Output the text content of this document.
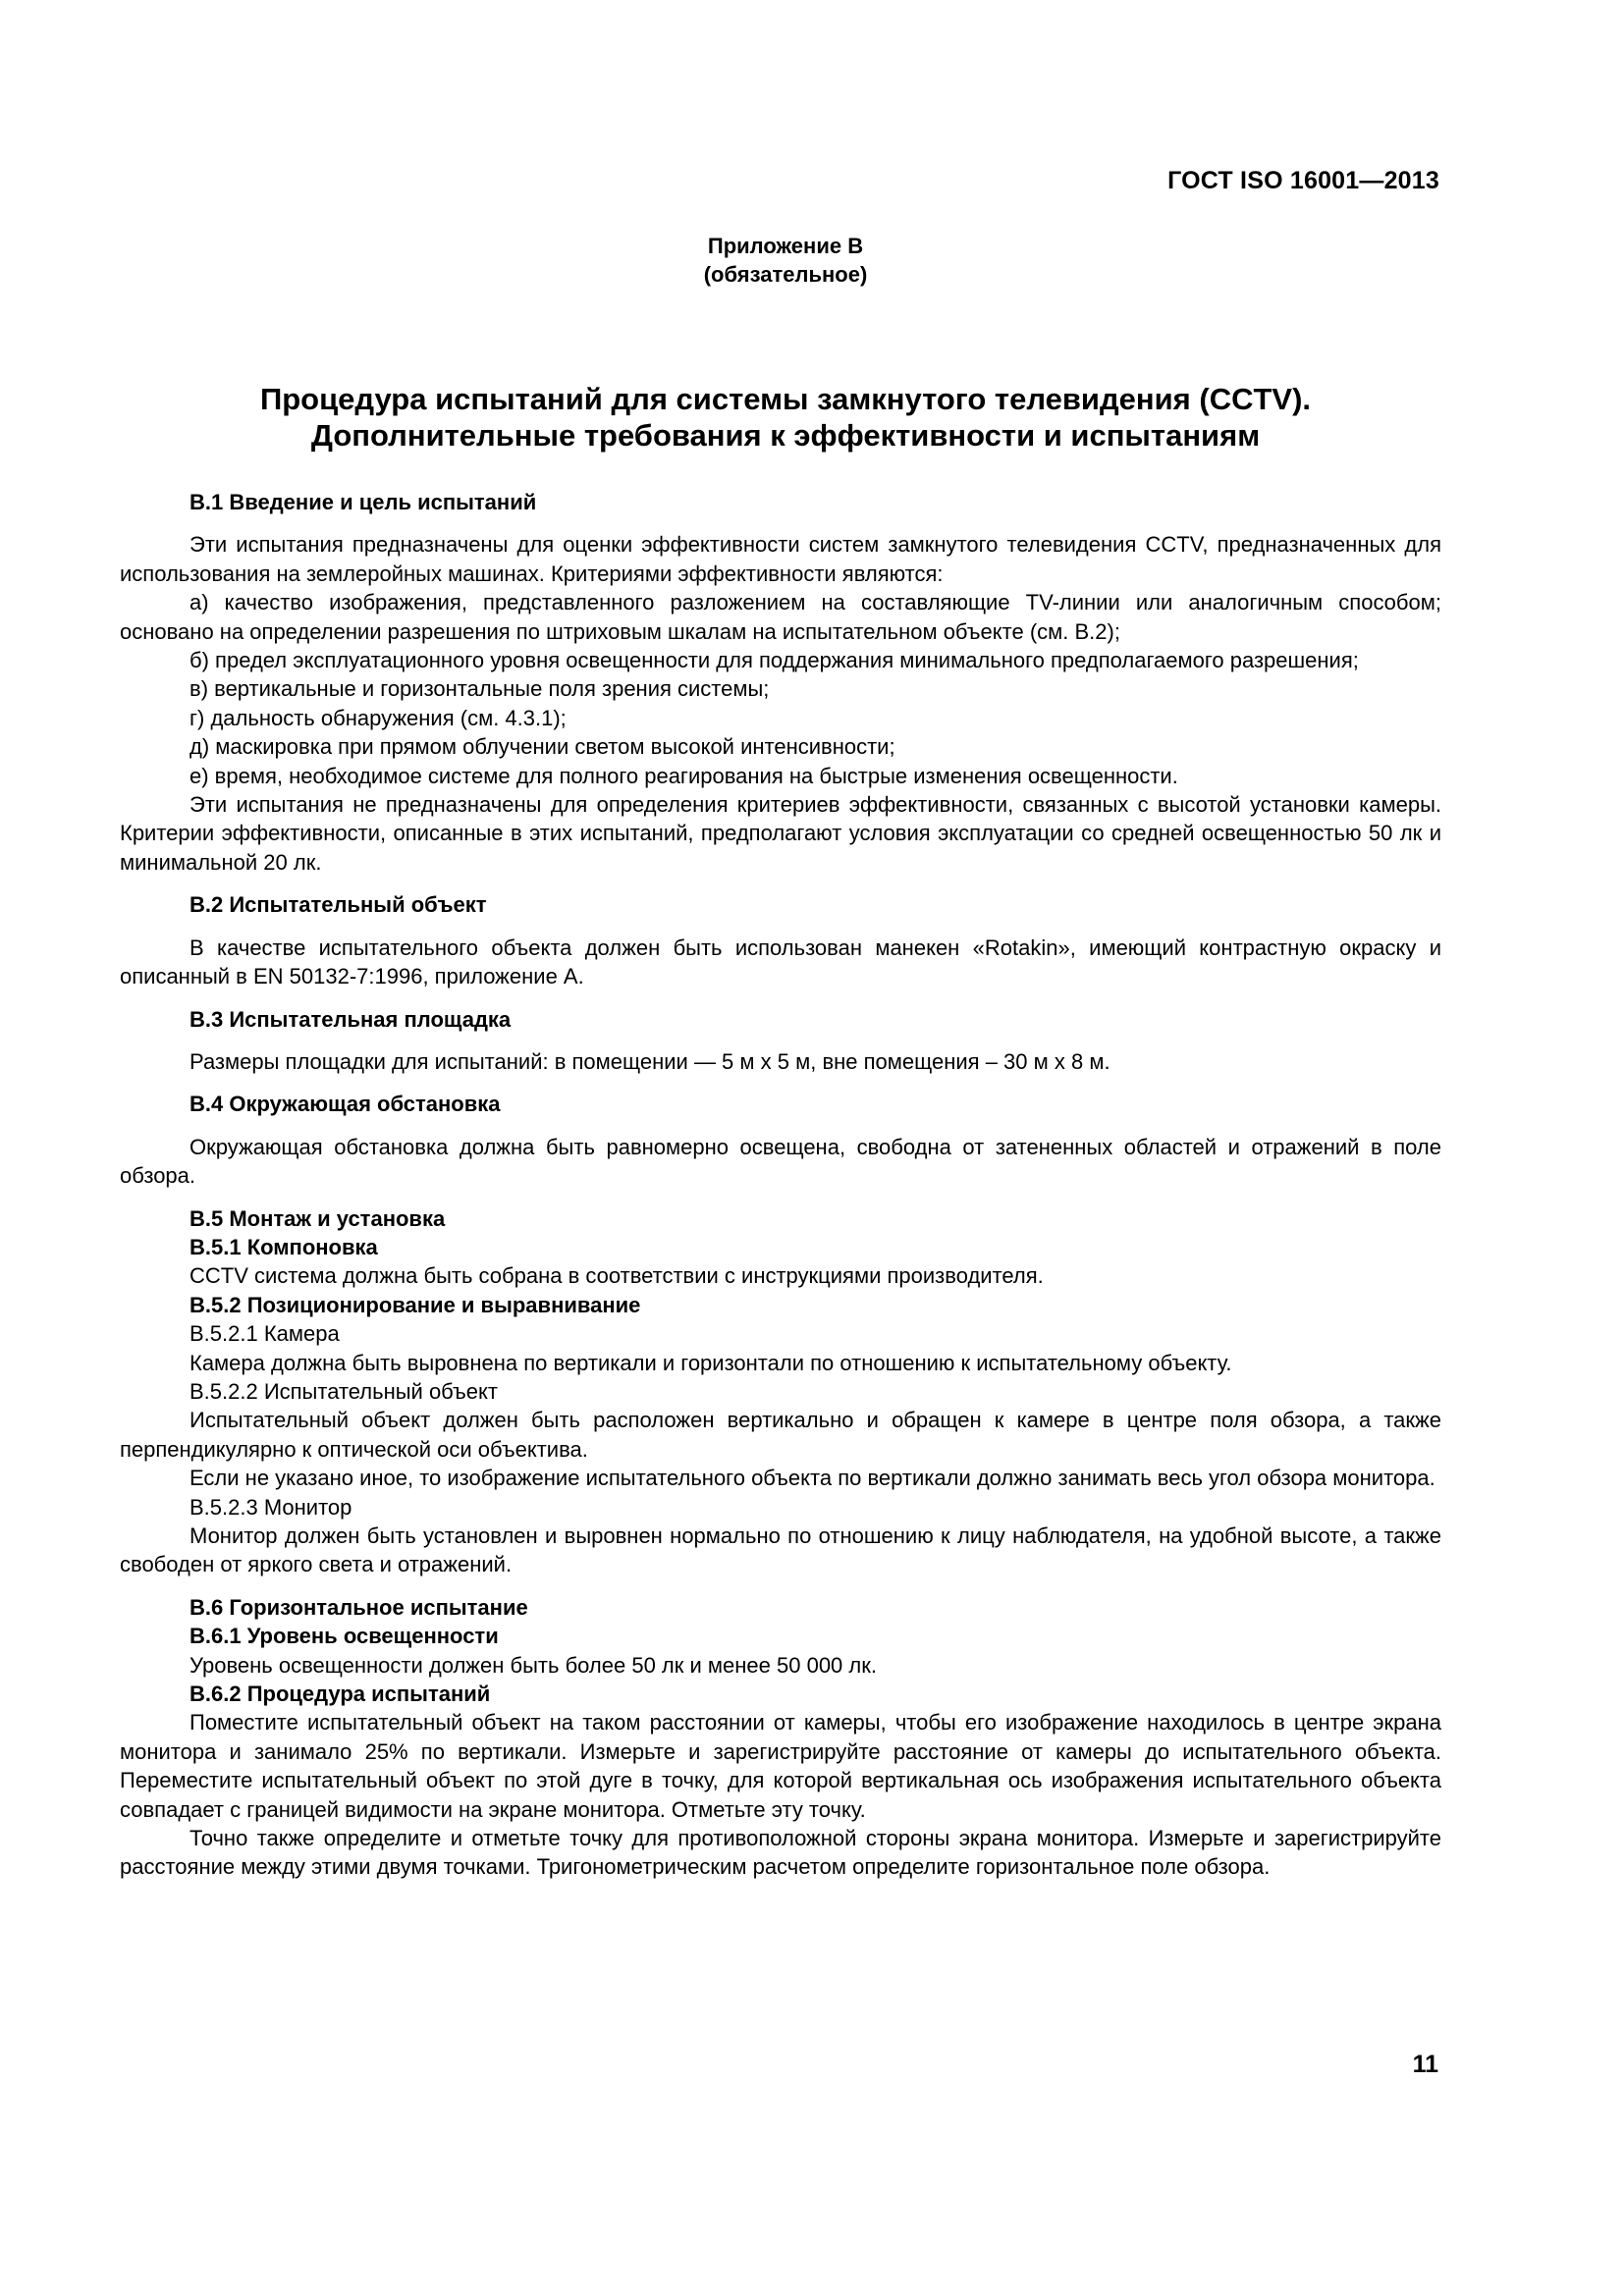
ГОСТ ISO 16001—2013
Приложение В
(обязательное)
Процедура испытаний для системы замкнутого телевидения (CCTV).
Дополнительные требования к эффективности и испытаниям

В.1 Введение и цель испытаний

Эти испытания предназначены для оценки эффективности систем замкнутого телевидения CCTV, предназначенных для использования на землеройных машинах. Критериями эффективности являются:

а) качество изображения, представленного разложением на составляющие TV-линии или аналогичным способом; основано на определении разрешения по штриховым шкалам на испытательном объекте (см. В.2);

б) предел эксплуатационного уровня освещенности для поддержания минимального предполагаемого разрешения;

в) вертикальные и горизонтальные поля зрения системы;

г) дальность обнаружения (см. 4.3.1);

д) маскировка при прямом облучении светом высокой интенсивности;

е) время, необходимое системе для полного реагирования на быстрые изменения освещенности.

Эти испытания не предназначены для определения критериев эффективности, связанных с высотой установки камеры. Критерии эффективности, описанные в этих испытаний, предполагают условия эксплуатации со средней освещенностью 50 лк и минимальной 20 лк.

В.2 Испытательный объект

В качестве испытательного объекта должен быть использован манекен «Rotakin», имеющий контрастную окраску и описанный в EN 50132-7:1996, приложение А.

В.3 Испытательная площадка

Размеры площадки для испытаний: в помещении — 5 м х 5 м, вне помещения – 30 м х 8 м.

В.4 Окружающая обстановка

Окружающая обстановка должна быть равномерно освещена, свободна от затененных областей и отражений в поле обзора.

В.5 Монтаж и установка

В.5.1 Компоновка

CCTV система должна быть собрана в соответствии с инструкциями производителя.

В.5.2 Позиционирование и выравнивание

В.5.2.1 Камера

Камера должна быть выровнена по вертикали и горизонтали по отношению к испытательному объекту.

В.5.2.2 Испытательный объект

Испытательный объект должен быть расположен вертикально и обращен к камере в центре поля обзора, а также перпендикулярно к оптической оси объектива.

Если не указано иное, то изображение испытательного объекта по вертикали должно занимать весь угол обзора монитора.

В.5.2.3 Монитор

Монитор должен быть установлен и выровнен нормально по отношению к лицу наблюдателя, на удобной высоте, а также свободен от яркого света и отражений.

В.6 Горизонтальное испытание

В.6.1 Уровень освещенности

Уровень освещенности должен быть более 50 лк и менее 50 000 лк.

В.6.2 Процедура испытаний

Поместите испытательный объект на таком расстоянии от камеры, чтобы его изображение находилось в центре экрана монитора и занимало 25% по вертикали. Измерьте и зарегистрируйте расстояние от камеры до испытательного объекта. Переместите испытательный объект по этой дуге в точку, для которой вертикальная ось изображения испытательного объекта совпадает с границей видимости на экране монитора. Отметьте эту точку.

Точно также определите и отметьте точку для противоположной стороны экрана монитора. Измерьте и зарегистрируйте расстояние между этими двумя точками. Тригонометрическим расчетом определите горизонтальное поле обзора.

11
